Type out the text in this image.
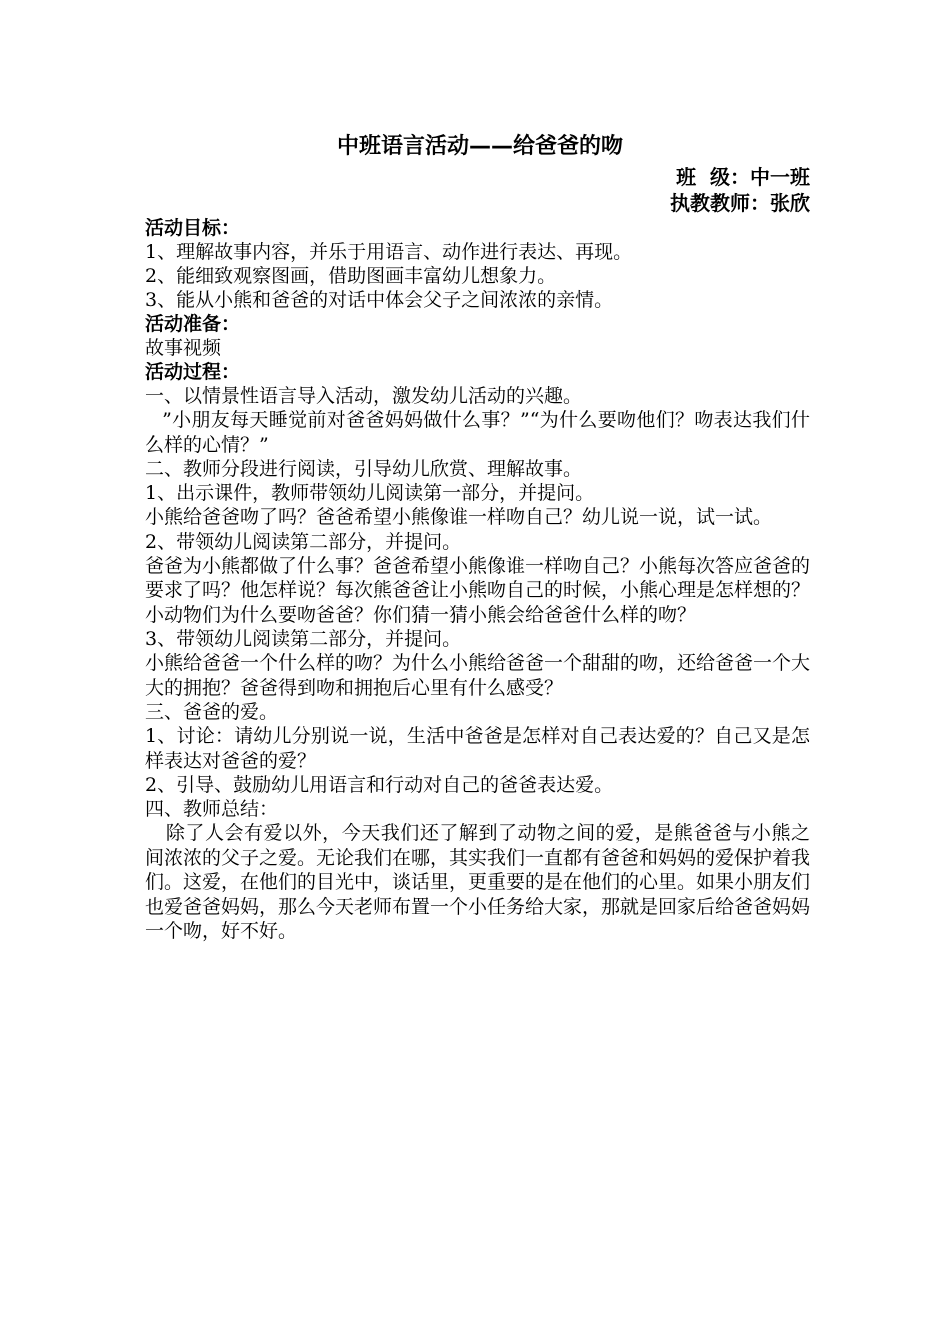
中班语言活动——给爸爸的吻
班  级：中一班
执教教师：张欣
活动目标：

1、理解故事内容，并乐于用语言、动作进行表达、再现。

2、能细致观察图画，借助图画丰富幼儿想象力。

3、能从小熊和爸爸的对话中体会父子之间浓浓的亲情。

活动准备：

故事视频

活动过程：

一、以情景性语言导入活动，激发幼儿活动的兴趣。

”小朋友每天睡觉前对爸爸妈妈做什么事？”“为什么要吻他们？吻表达我们什么样的心情？”

二、教师分段进行阅读，引导幼儿欣赏、理解故事。

1、出示课件，教师带领幼儿阅读第一部分，并提问。

小熊给爸爸吻了吗？爸爸希望小熊像谁一样吻自己？幼儿说一说，试一试。

2、带领幼儿阅读第二部分，并提问。

爸爸为小熊都做了什么事？爸爸希望小熊像谁一样吻自己？小熊每次答应爸爸的要求了吗？他怎样说？每次熊爸爸让小熊吻自己的时候，小熊心理是怎样想的？小动物们为什么要吻爸爸？你们猜一猜小熊会给爸爸什么样的吻？

3、带领幼儿阅读第二部分，并提问。

小熊给爸爸一个什么样的吻？为什么小熊给爸爸一个甜甜的吻，还给爸爸一个大大的拥抱？爸爸得到吻和拥抱后心里有什么感受？

三、爸爸的爱。

1、讨论：请幼儿分别说一说，生活中爸爸是怎样对自己表达爱的？自己又是怎样表达对爸爸的爱？

2、引导、鼓励幼儿用语言和行动对自己的爸爸表达爱。

四、教师总结：

除了人会有爱以外，今天我们还了解到了动物之间的爱，是熊爸爸与小熊之间浓浓的父子之爱。无论我们在哪，其实我们一直都有爸爸和妈妈的爱保护着我们。这爱，在他们的目光中，谈话里，更重要的是在他们的心里。如果小朋友们也爱爸爸妈妈，那么今天老师布置一个小任务给大家，那就是回家后给爸爸妈妈一个吻，好不好。
